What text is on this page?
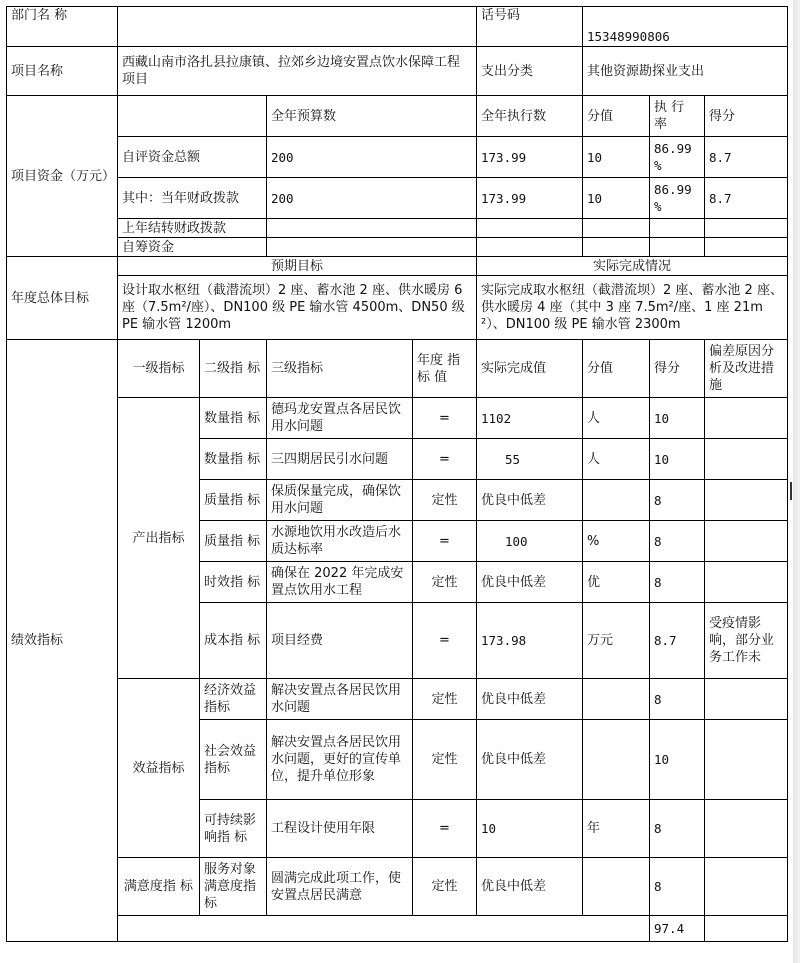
部门名 称					话号码	15348990806		
项目名称	西藏山南市洛扎县拉康镇、拉郊乡边境安置点饮水保障工程项目				支出分类	其他资源勘探业支出		
项目资金（万元）			全年预算数		全年执行数	分值	执 行 率	得分
	自评资金总额		200		173.99	10	86.99 %	8.7
	其中：当年财政拨款		200		173.99	10	86.99 %	8.7
	上年结转财政拨款							
	自筹资金							
年度总体目标	预期目标				实际完成情况			
	设计取水枢纽（截潜流坝）2 座、蓄水池 2 座、供水暖房 6 座（7.5m²/座）、DN100 级 PE 输水管 4500m、DN50 级 PE 输水管 1200m				实际完成取水枢纽（截潜流坝）2 座、蓄水池 2 座、供水暖房 4 座（其中 3 座 7.5m²/座、1 座 21m²）、DN100 级 PE 输水管 2300m			
绩效指标	一级指标	二级指 标	三级指标	年度 指标 值	实际完成值	分值	得分	偏差原因分析及改进措施
	产出指标	数量指 标	德玛龙安置点各居民饮用水问题	=	1102	人	10	
		数量指 标	三四期居民引水问题	=	55	人	10	
		质量指 标	保质保量完成，确保饮用水问题	定性	优良中低差		8	
		质量指 标	水源地饮用水改造后水质达标率	=	100	%	8	
		时效指 标	确保在 2022 年完成安置点饮用水工程	定性	优良中低差	优	8	
		成本指 标	项目经费	=	173.98	万元	8.7	受疫情影响，部分业务工作未
	效益指标	经济效益指标	解决安置点各居民饮用水问题	定性	优良中低差		8	
		社会效益指标	解决安置点各居民饮用水问题，更好的宣传单位，提升单位形象	定性	优良中低差		10	
		可持续影响指 标	工程设计使用年限	=	10	年	8	
	满意度指 标	服务对象满意度指标	圆满完成此项工作，使安置点居民满意	定性	优良中低差		8	
							97.4	
